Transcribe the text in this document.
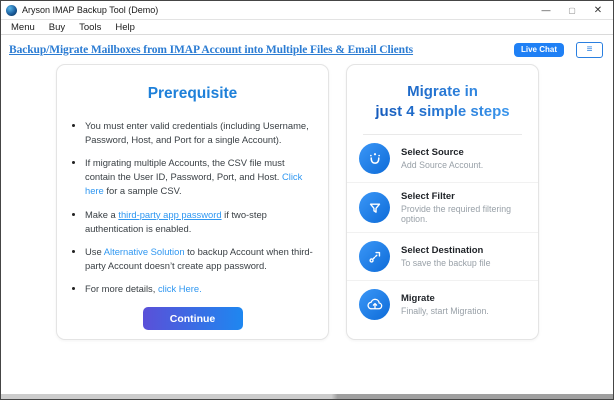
Aryson IMAP Backup Tool (Demo)	—	▢	✕
Menu	Buy	Tools	Help
Backup/Migrate Mailboxes from IMAP Account into Multiple Files & Email Clients	Live Chat	≡
Prerequisite
• You must enter valid credentials (including Username, Password, Host, and Port for a single Account).
• If migrating multiple Accounts, the CSV file must contain the User ID, Password, Port, and Host. Click here for a sample CSV.
• Make a third-party app password if two-step authentication is enabled.
• Use Alternative Solution to backup Account when third-party Account doesn’t create app password.
• For more details, click Here.
Continue
Migrate in
just 4 simple steps
Select Source
Add Source Account.
Select Filter
Provide the required filtering option.
Select Destination
To save the backup file
Migrate
Finally, start Migration.
